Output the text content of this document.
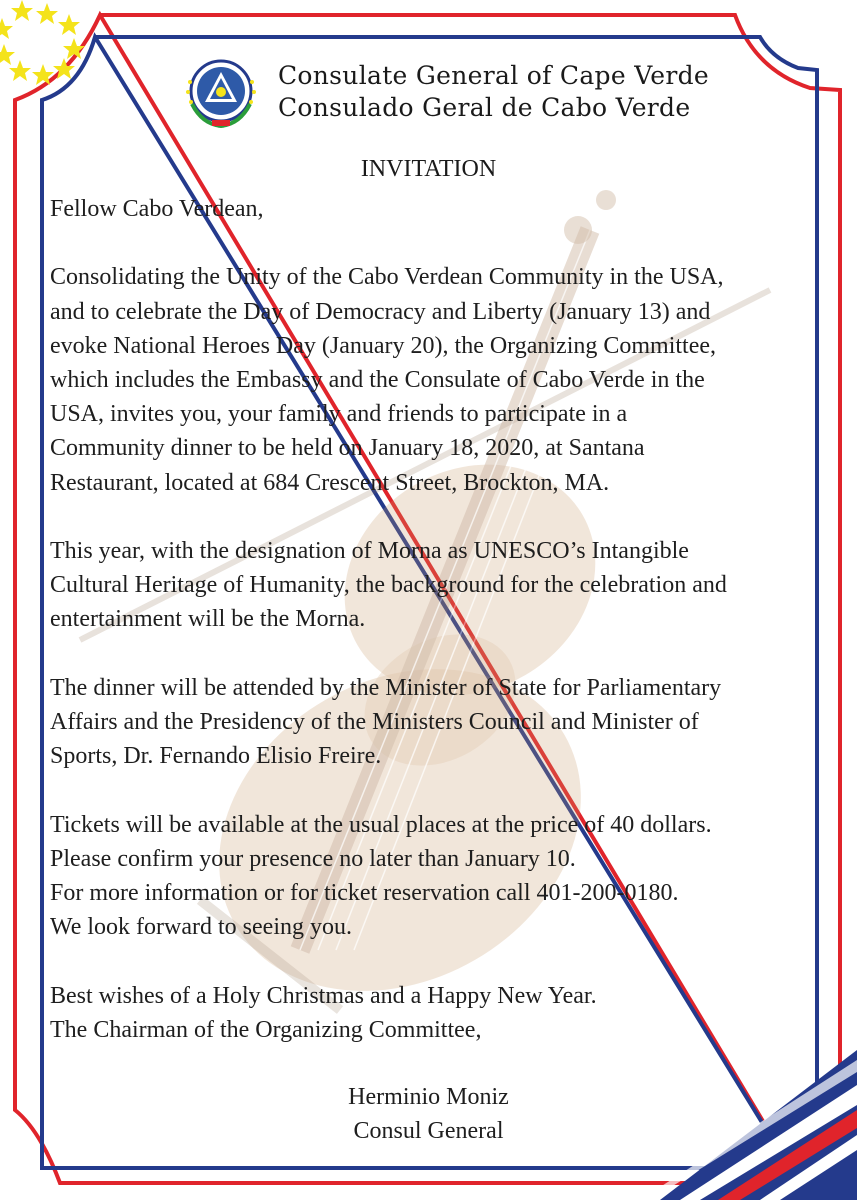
Consulate General of Cape Verde
Consulado Geral de Cabo Verde
INVITATION

Fellow Cabo Verdean,

Consolidating the Unity of the Cabo Verdean Community in the USA,
and to celebrate the Day of Democracy and Liberty (January 13) and
evoke National Heroes Day (January 20), the Organizing Committee,
which includes the Embassy and the Consulate of Cabo Verde in the
USA, invites you, your family and friends to participate in a
Community dinner to be held on January 18, 2020, at Santana
Restaurant, located at 684 Crescent Street, Brockton, MA.

This year, with the designation of Morna as UNESCO’s Intangible
Cultural Heritage of Humanity, the background for the celebration and
entertainment will be the Morna.

The dinner will be attended by the Minister of State for Parliamentary
Affairs and the Presidency of the Ministers Council and Minister of
Sports, Dr. Fernando Elisio Freire.

Tickets will be available at the usual places at the price of 40 dollars.
Please confirm your presence no later than January 10.
For more information or for ticket reservation call 401-200-0180.
We look forward to seeing you.

Best wishes of a Holy Christmas and a Happy New Year.
The Chairman of the Organizing Committee,

Herminio Moniz
Consul General
